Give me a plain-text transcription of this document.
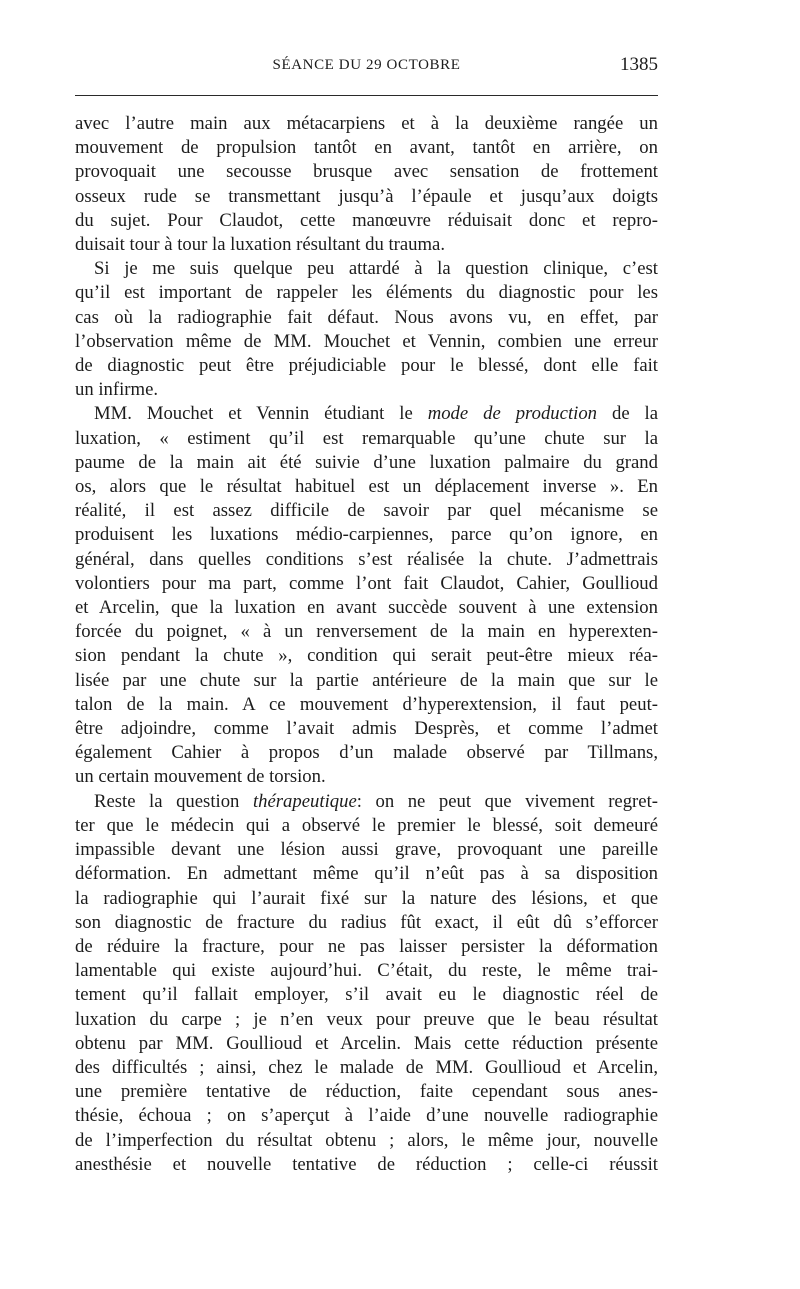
SÉANCE DU 29 OCTOBRE	1385

avec l’autre main aux métacarpiens et à la deuxième rangée un
mouvement de propulsion tantôt en avant, tantôt en arrière, on
provoquait une secousse brusque avec sensation de frottement
osseux rude se transmettant jusqu’à l’épaule et jusqu’aux doigts
du sujet. Pour Claudot, cette manœuvre réduisait donc et repro-
duisait tour à tour la luxation résultant du trauma.

Si je me suis quelque peu attardé à la question clinique, c’est
qu’il est important de rappeler les éléments du diagnostic pour les
cas où la radiographie fait défaut. Nous avons vu, en effet, par
l’observation même de MM. Mouchet et Vennin, combien une erreur
de diagnostic peut être préjudiciable pour le blessé, dont elle fait
un infirme.

MM. Mouchet et Vennin étudiant le mode de production de la
luxation, « estiment qu’il est remarquable qu’une chute sur la
paume de la main ait été suivie d’une luxation palmaire du grand
os, alors que le résultat habituel est un déplacement inverse ». En
réalité, il est assez difficile de savoir par quel mécanisme se
produisent les luxations médio-carpiennes, parce qu’on ignore, en
général, dans quelles conditions s’est réalisée la chute. J’admettrais
volontiers pour ma part, comme l’ont fait Claudot, Cahier, Goullioud
et Arcelin, que la luxation en avant succède souvent à une extension
forcée du poignet, « à un renversement de la main en hyperexten-
sion pendant la chute », condition qui serait peut-être mieux réa-
lisée par une chute sur la partie antérieure de la main que sur le
talon de la main. A ce mouvement d’hyperextension, il faut peut-
être adjoindre, comme l’avait admis Desprès, et comme l’admet
également Cahier à propos d’un malade observé par Tillmans,
un certain mouvement de torsion.

Reste la question thérapeutique: on ne peut que vivement regret-
ter que le médecin qui a observé le premier le blessé, soit demeuré
impassible devant une lésion aussi grave, provoquant une pareille
déformation. En admettant même qu’il n’eût pas à sa disposition
la radiographie qui l’aurait fixé sur la nature des lésions, et que
son diagnostic de fracture du radius fût exact, il eût dû s’efforcer
de réduire la fracture, pour ne pas laisser persister la déformation
lamentable qui existe aujourd’hui. C’était, du reste, le même trai-
tement qu’il fallait employer, s’il avait eu le diagnostic réel de
luxation du carpe ; je n’en veux pour preuve que le beau résultat
obtenu par MM. Goullioud et Arcelin. Mais cette réduction présente
des difficultés ; ainsi, chez le malade de MM. Goullioud et Arcelin,
une première tentative de réduction, faite cependant sous anes-
thésie, échoua ; on s’aperçut à l’aide d’une nouvelle radiographie
de l’imperfection du résultat obtenu ; alors, le même jour, nouvelle
anesthésie et nouvelle tentative de réduction ; celle-ci réussit
